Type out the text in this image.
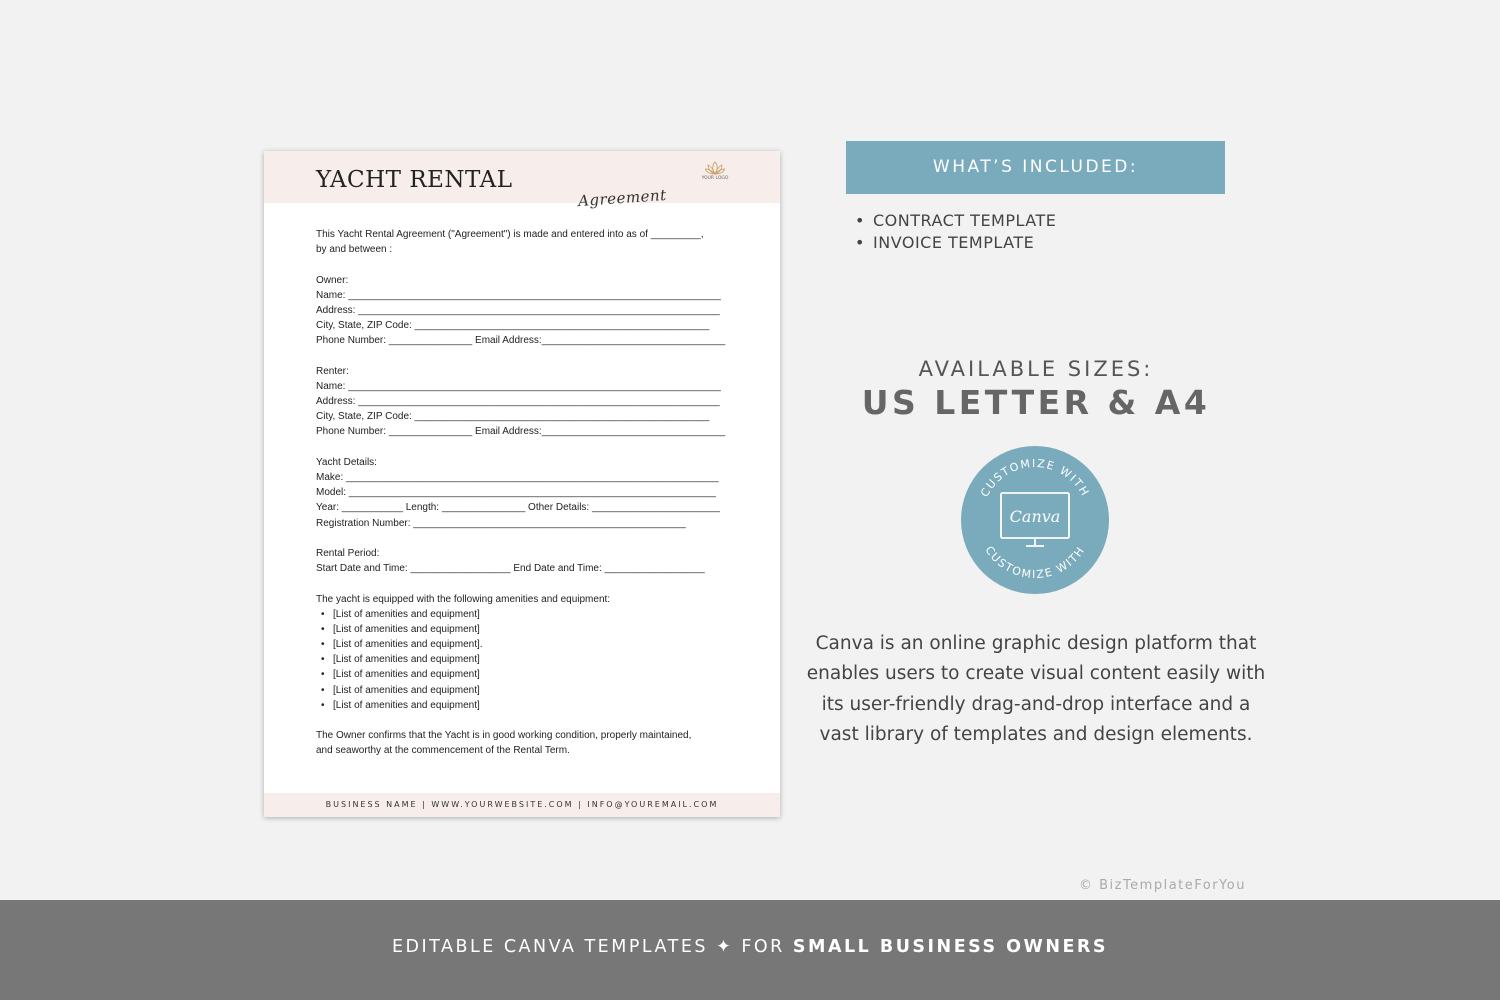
YACHT RENTAL
Agreement
YOUR LOGO
This Yacht Rental Agreement ("Agreement") is made and entered into as of _________,
by and between :
Owner:
Name: ___________________________________________________________________
Address: _________________________________________________________________
City, State, ZIP Code: _____________________________________________________
Phone Number: _______________ Email Address:_________________________________
Renter:
Name: ___________________________________________________________________
Address: _________________________________________________________________
City, State, ZIP Code: _____________________________________________________
Phone Number: _______________ Email Address:_________________________________
Yacht Details:
Make: ___________________________________________________________________
Model: __________________________________________________________________
Year: ___________ Length: _______________ Other Details: _______________________
Registration Number: _________________________________________________
Rental Period:
Start Date and Time: __________________ End Date and Time: __________________
The yacht is equipped with the following amenities and equipment:
• [List of amenities and equipment]
• [List of amenities and equipment]
• [List of amenities and equipment].
• [List of amenities and equipment]
• [List of amenities and equipment]
• [List of amenities and equipment]
• [List of amenities and equipment]
The Owner confirms that the Yacht is in good working condition, properly maintained,
and seaworthy at the commencement of the Rental Term.
BUSINESS NAME | WWW.YOURWEBSITE.COM | INFO@YOUREMAIL.COM
WHAT’S INCLUDED:
• CONTRACT TEMPLATE
• INVOICE TEMPLATE
AVAILABLE SIZES:
US LETTER & A4
CUSTOMIZE WITH
CUSTOMIZE WITH
Canva
Canva is an online graphic design platform that enables users to create visual content easily with its user-friendly drag-and-drop interface and a vast library of templates and design elements.
© BizTemplateForYou
EDITABLE CANVA TEMPLATES ✦ FOR SMALL BUSINESS OWNERS
